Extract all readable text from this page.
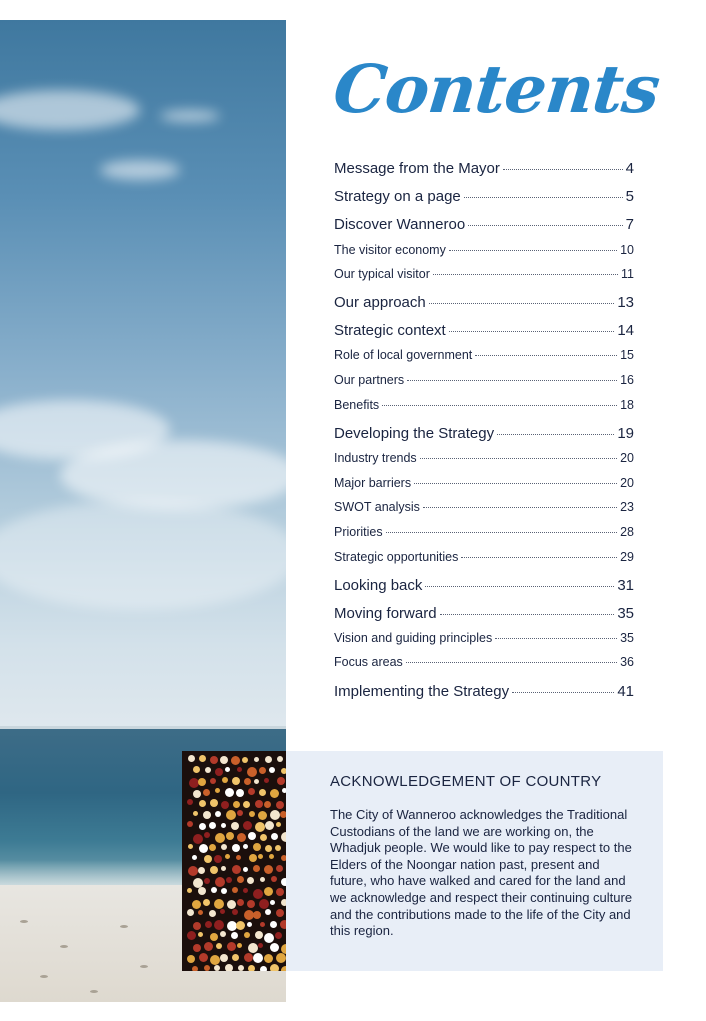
Contents
Message from the Mayor	4
Strategy on a page	5
Discover Wanneroo	7
The visitor economy	10
Our typical visitor	11
Our approach	13
Strategic context	14
Role of local government	15
Our partners	16
Benefits	18
Developing the Strategy	19
Industry trends	20
Major barriers	20
SWOT analysis	23
Priorities	28
Strategic opportunities	29
Looking back	31
Moving forward	35
Vision and guiding principles	35
Focus areas	36
Implementing the Strategy	41
ACKNOWLEDGEMENT OF COUNTRY

The City of Wanneroo acknowledges the Traditional Custodians of the land we are working on, the Whadjuk people. We would like to pay respect to the Elders of the Noongar nation past, present and future, who have walked and cared for the land and we acknowledge and respect their continuing culture and the contributions made to the life of the City and this region.
